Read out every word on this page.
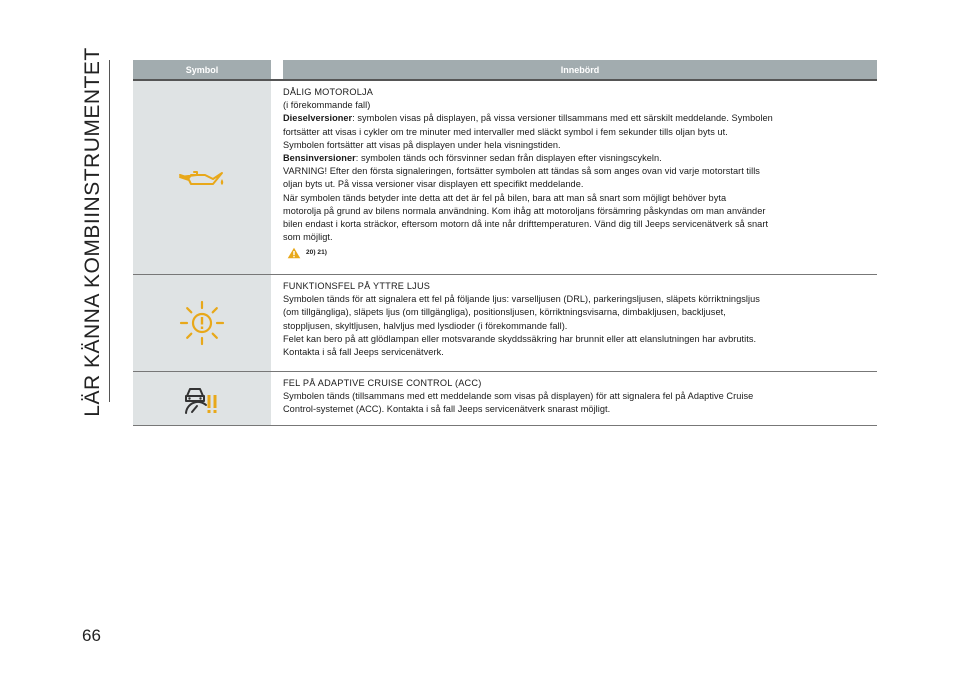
LÄR KÄNNA KOMBIINSTRUMENTET
66
Symbol	Innebörd

DÅLIG MOTOROLJA

(i förekommande fall)

Dieselversioner: symbolen visas på displayen, på vissa versioner tillsammans med ett särskilt meddelande. Symbolen

fortsätter att visas i cykler om tre minuter med intervaller med släckt symbol i fem sekunder tills oljan byts ut.

Symbolen fortsätter att visas på displayen under hela visningstiden.

Bensinversioner: symbolen tänds och försvinner sedan från displayen efter visningscykeln.

VARNING! Efter den första signaleringen, fortsätter symbolen att tändas så som anges ovan vid varje motorstart tills

oljan byts ut. På vissa versioner visar displayen ett specifikt meddelande.

När symbolen tänds betyder inte detta att det är fel på bilen, bara att man så snart som möjligt behöver byta

motorolja på grund av bilens normala användning. Kom ihåg att motoroljans försämring påskyndas om man använder

bilen endast i korta sträckor, eftersom motorn då inte når drifttemperaturen. Vänd dig till Jeeps servicenätverk så snart

som möjligt.

20) 21)

FUNKTIONSFEL PÅ YTTRE LJUS

Symbolen tänds för att signalera ett fel på följande ljus: varselljusen (DRL), parkeringsljusen, släpets körriktningsljus

(om tillgängliga), släpets ljus (om tillgängliga), positionsljusen, körriktningsvisarna, dimbakljusen, backljuset,

stoppljusen, skyltljusen, halvljus med lysdioder (i förekommande fall).

Felet kan bero på att glödlampan eller motsvarande skyddssäkring har brunnit eller att elanslutningen har avbrutits.

Kontakta i så fall Jeeps servicenätverk.

FEL PÅ ADAPTIVE CRUISE CONTROL (ACC)

Symbolen tänds (tillsammans med ett meddelande som visas på displayen) för att signalera fel på Adaptive Cruise

Control-systemet (ACC). Kontakta i så fall Jeeps servicenätverk snarast möjligt.
